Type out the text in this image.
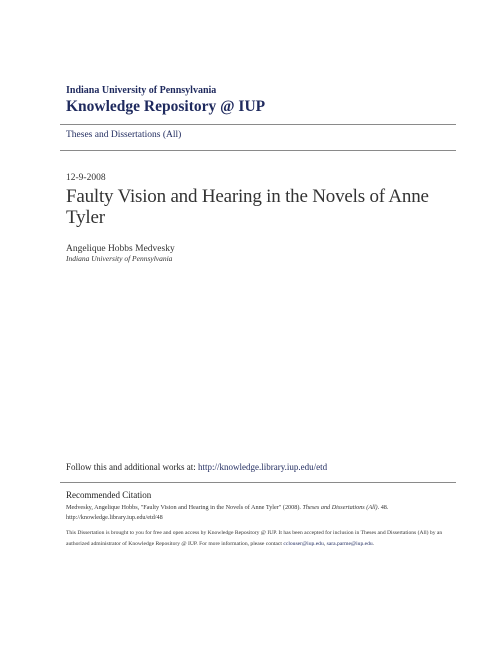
Indiana University of Pennsylvania
Knowledge Repository @ IUP
Theses and Dissertations (All)
12-9-2008
Faulty Vision and Hearing in the Novels of Anne Tyler
Angelique Hobbs Medvesky
Indiana University of Pennsylvania
Follow this and additional works at: http://knowledge.library.iup.edu/etd
Recommended Citation
Medvesky, Angelique Hobbs, "Faulty Vision and Hearing in the Novels of Anne Tyler" (2008). Theses and Dissertations (All). 48.
http://knowledge.library.iup.edu/etd/48
This Dissertation is brought to you for free and open access by Knowledge Repository @ IUP. It has been accepted for inclusion in Theses and Dissertations (All) by an authorized administrator of Knowledge Repository @ IUP. For more information, please contact cclouser@iup.edu, sara.parme@iup.edu.
